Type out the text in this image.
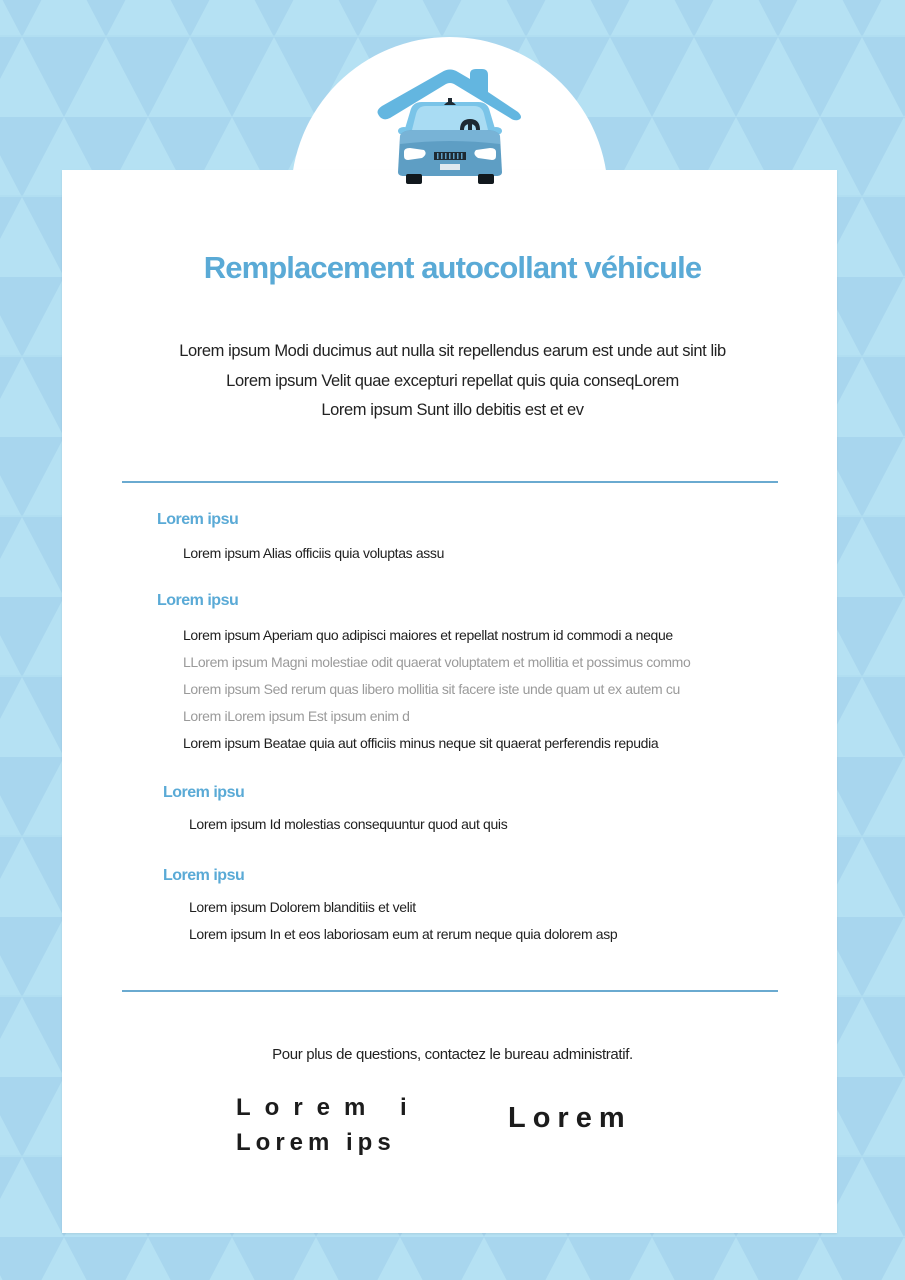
Remplacement autocollant véhicule
Lorem ipsum Modi ducimus aut nulla sit repellendus earum est unde aut sint lib
Lorem ipsum Velit quae excepturi repellat quis quia conseqLorem
Lorem ipsum Sunt illo debitis est et ev
Lorem ipsu
Lorem ipsum Alias officiis quia voluptas assu
Lorem ipsu
Lorem ipsum Aperiam quo adipisci maiores et repellat nostrum id commodi a neque
LLorem ipsum Magni molestiae odit quaerat voluptatem et mollitia et possimus commo
Lorem ipsum Sed rerum quas libero mollitia sit facere iste unde quam ut ex autem cu
Lorem iLorem ipsum Est ipsum enim d
Lorem ipsum Beatae quia aut officiis minus neque sit quaerat perferendis repudia
Lorem ipsu
Lorem ipsum Id molestias consequuntur quod aut quis
Lorem ipsu
Lorem ipsum Dolorem blanditiis et velit
Lorem ipsum In et eos laboriosam eum at rerum neque quia dolorem asp
Pour plus de questions, contactez le bureau administratif.
Lorem i
Lorem ips
Lorem
